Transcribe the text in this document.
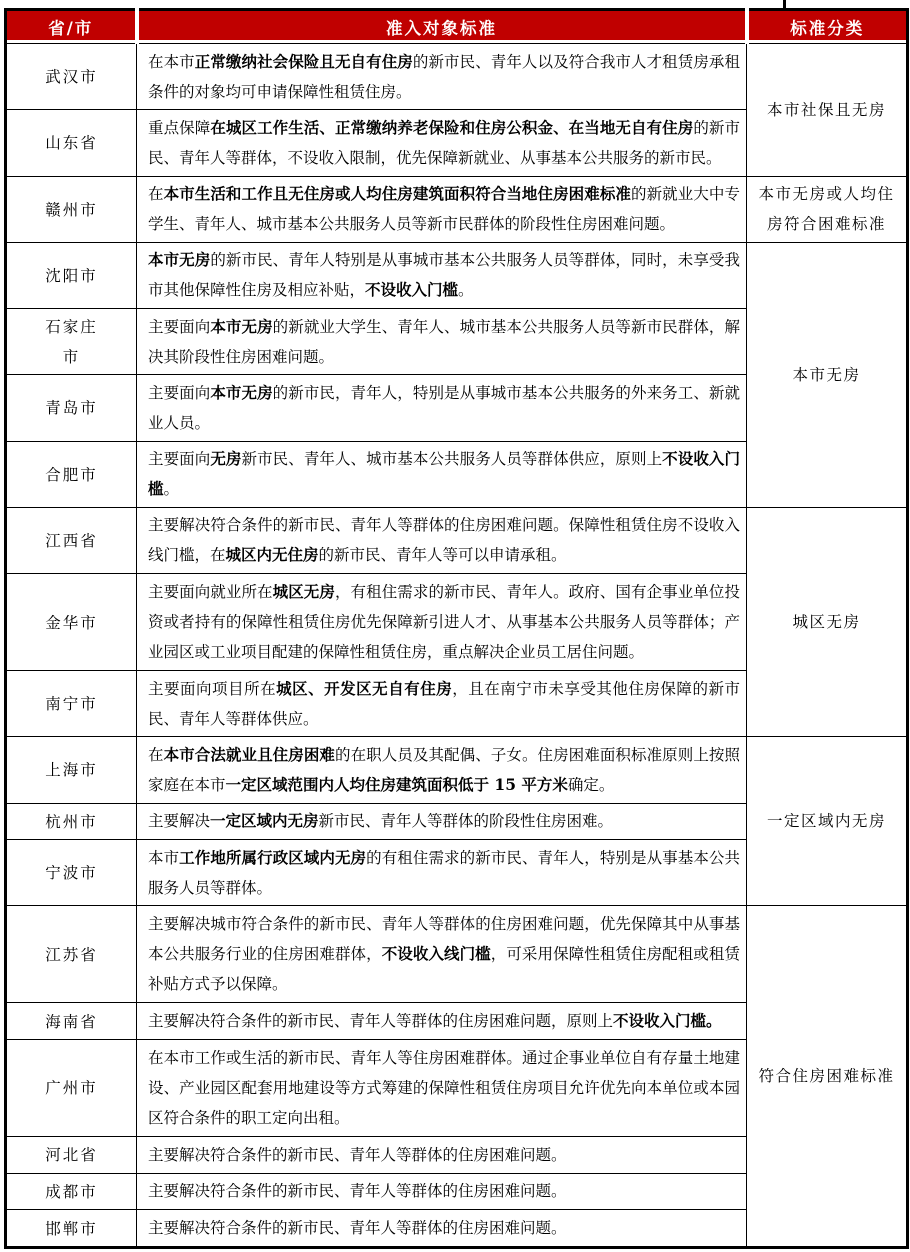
省/市	准入对象标准	标准分类
武汉市	在本市正常缴纳社会保险且无自有住房的新市民、青年人以及符合我市人才租赁房承租条件的对象均可申请保障性租赁住房。	本市社保且无房
山东省	重点保障在城区工作生活、正常缴纳养老保险和住房公积金、在当地无自有住房的新市民、青年人等群体，不设收入限制，优先保障新就业、从事基本公共服务的新市民。	
赣州市	在本市生活和工作且无住房或人均住房建筑面积符合当地住房困难标准的新就业大中专学生、青年人、城市基本公共服务人员等新市民群体的阶段性住房困难问题。	本市无房或人均住房符合困难标准
沈阳市	本市无房的新市民、青年人特别是从事城市基本公共服务人员等群体，同时，未享受我市其他保障性住房及相应补贴，不设收入门槛。	本市无房
石家庄市	主要面向本市无房的新就业大学生、青年人、城市基本公共服务人员等新市民群体，解决其阶段性住房困难问题。	
青岛市	主要面向本市无房的新市民，青年人，特别是从事城市基本公共服务的外来务工、新就业人员。	
合肥市	主要面向无房新市民、青年人、城市基本公共服务人员等群体供应，原则上不设收入门槛。	
江西省	主要解决符合条件的新市民、青年人等群体的住房困难问题。保障性租赁住房不设收入线门槛，在城区内无住房的新市民、青年人等可以申请承租。	城区无房
金华市	主要面向就业所在城区无房，有租住需求的新市民、青年人。政府、国有企事业单位投资或者持有的保障性租赁住房优先保障新引进人才、从事基本公共服务人员等群体；产业园区或工业项目配建的保障性租赁住房，重点解决企业员工居住问题。	
南宁市	主要面向项目所在城区、开发区无自有住房，且在南宁市未享受其他住房保障的新市民、青年人等群体供应。	
上海市	在本市合法就业且住房困难的在职人员及其配偶、子女。住房困难面积标准原则上按照家庭在本市一定区域范围内人均住房建筑面积低于 15 平方米确定。	一定区域内无房
杭州市	主要解决一定区域内无房新市民、青年人等群体的阶段性住房困难。	
宁波市	本市工作地所属行政区域内无房的有租住需求的新市民、青年人，特别是从事基本公共服务人员等群体。	
江苏省	主要解决城市符合条件的新市民、青年人等群体的住房困难问题，优先保障其中从事基本公共服务行业的住房困难群体，不设收入线门槛，可采用保障性租赁住房配租或租赁补贴方式予以保障。	符合住房困难标准
海南省	主要解决符合条件的新市民、青年人等群体的住房困难问题，原则上不设收入门槛。	
广州市	在本市工作或生活的新市民、青年人等住房困难群体。通过企事业单位自有存量土地建设、产业园区配套用地建设等方式筹建的保障性租赁住房项目允许优先向本单位或本园区符合条件的职工定向出租。	
河北省	主要解决符合条件的新市民、青年人等群体的住房困难问题。	
成都市	主要解决符合条件的新市民、青年人等群体的住房困难问题。	
邯郸市	主要解决符合条件的新市民、青年人等群体的住房困难问题。	
